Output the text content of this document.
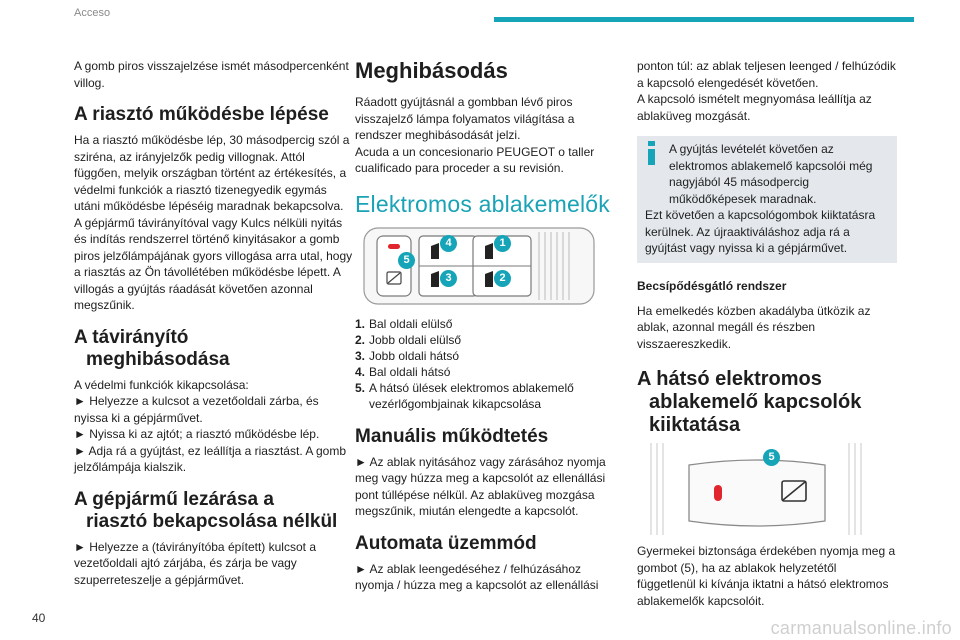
Acceso

A gomb piros visszajelzése ismét másodpercenként villog.

A riasztó működésbe lépése

Ha a riasztó működésbe lép, 30 másodpercig szól a sziréna, az irányjelzők pedig villognak. Attól függően, melyik országban történt az értékesítés, a védelmi funkciók a riasztó tizenegyedik egymás utáni működésbe lépéséig maradnak bekapcsolva.

A gépjármű távirányítóval vagy Kulcs nélküli nyitás és indítás rendszerrel történő kinyitásakor a gomb piros jelzőlámpájának gyors villogása arra utal, hogy a riasztás az Ön távollétében működésbe lépett. A villogás a gyújtás ráadását követően azonnal megszűnik.

A távirányító
meghibásodása

A védelmi funkciók kikapcsolása:

► Helyezze a kulcsot a vezetőoldali zárba, és nyissa ki a gépjárművet.

► Nyissa ki az ajtót; a riasztó működésbe lép.

► Adja rá a gyújtást, ez leállítja a riasztást. A gomb jelzőlámpája kialszik.

A gépjármű lezárása a
riasztó bekapcsolása nélkül

► Helyezze a (távirányítóba épített) kulcsot a vezetőoldali ajtó zárjába, és zárja be vagy szuperreteszelje a gépjárművet.

Meghibásodás

Ráadott gyújtásnál a gombban lévő piros visszajelző lámpa folyamatos világítása a rendszer meghibásodását jelzi.

Acuda a un concesionario PEUGEOT o taller cualificado para proceder a su revisión.

Elektromos ablakemelők
1
2
3
4
5
1. Bal oldali elülső
2. Jobb oldali elülső
3. Jobb oldali hátsó
4. Bal oldali hátsó
5. A hátsó ülések elektromos ablakemelő vezérlőgombjainak kikapcsolása
Manuális működtetés

► Az ablak nyitásához vagy zárásához nyomja meg vagy húzza meg a kapcsolót az ellenállási pont túllépése nélkül. Az ablaküveg mozgása megszűnik, miután elengedte a kapcsolót.

Automata üzemmód

► Az ablak leengedéséhez / felhúzásához nyomja / húzza meg a kapcsolót az ellenállási

ponton túl: az ablak teljesen leenged / felhúzódik a kapcsoló elengedését követően.

A kapcsoló ismételt megnyomása leállítja az ablaküveg mozgását.

A gyújtás levételét követően az elektromos ablakemelő kapcsolói még nagyjából 45 másodpercig működőképesek maradnak.
Ezt követően a kapcsológombok kiiktatásra kerülnek. Az újraaktiváláshoz adja rá a gyújtást vagy nyissa ki a gépjárművet.
Becsípődésgátló rendszer

Ha emelkedés közben akadályba ütközik az ablak, azonnal megáll és részben visszaereszkedik.

A hátsó elektromos
ablakemelő kapcsolók
kiiktatása
5

Gyermekei biztonsága érdekében nyomja meg a gombot (5), ha az ablakok helyzetétől függetlenül ki kívánja iktatni a hátsó elektromos ablakemelők kapcsolóit.

40	carmanualsonline.info
